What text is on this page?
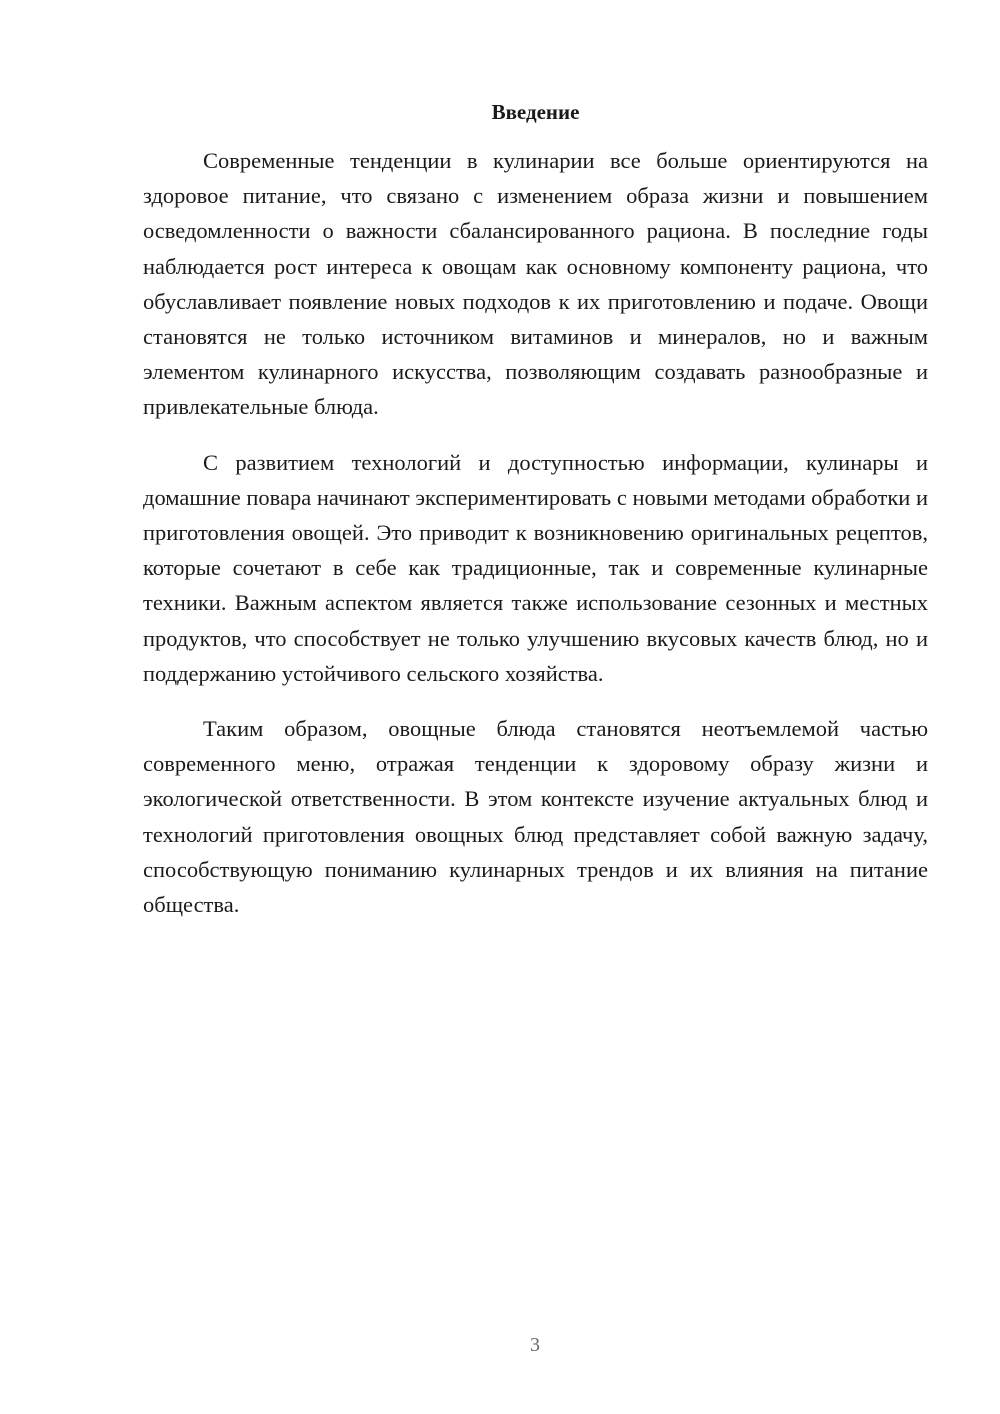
Введение

Современные тенденции в кулинарии все больше ориентируются на здоровое питание, что связано с изменением образа жизни и повышением осведомленности о важности сбалансированного рациона. В последние годы наблюдается рост интереса к овощам как основному компоненту рациона, что обуславливает появление новых подходов к их приготовлению и подаче. Овощи становятся не только источником витаминов и минералов, но и важным элементом кулинарного искусства, позволяющим создавать разнообразные и привлекательные блюда.

С развитием технологий и доступностью информации, кулинары и домашние повара начинают экспериментировать с новыми методами обработки и приготовления овощей. Это приводит к возникновению оригинальных рецептов, которые сочетают в себе как традиционные, так и современные кулинарные техники. Важным аспектом является также использование сезонных и местных продуктов, что способствует не только улучшению вкусовых качеств блюд, но и поддержанию устойчивого сельского хозяйства.

Таким образом, овощные блюда становятся неотъемлемой частью современного меню, отражая тенденции к здоровому образу жизни и экологической ответственности. В этом контексте изучение актуальных блюд и технологий приготовления овощных блюд представляет собой важную задачу, способствующую пониманию кулинарных трендов и их влияния на питание общества.

3
